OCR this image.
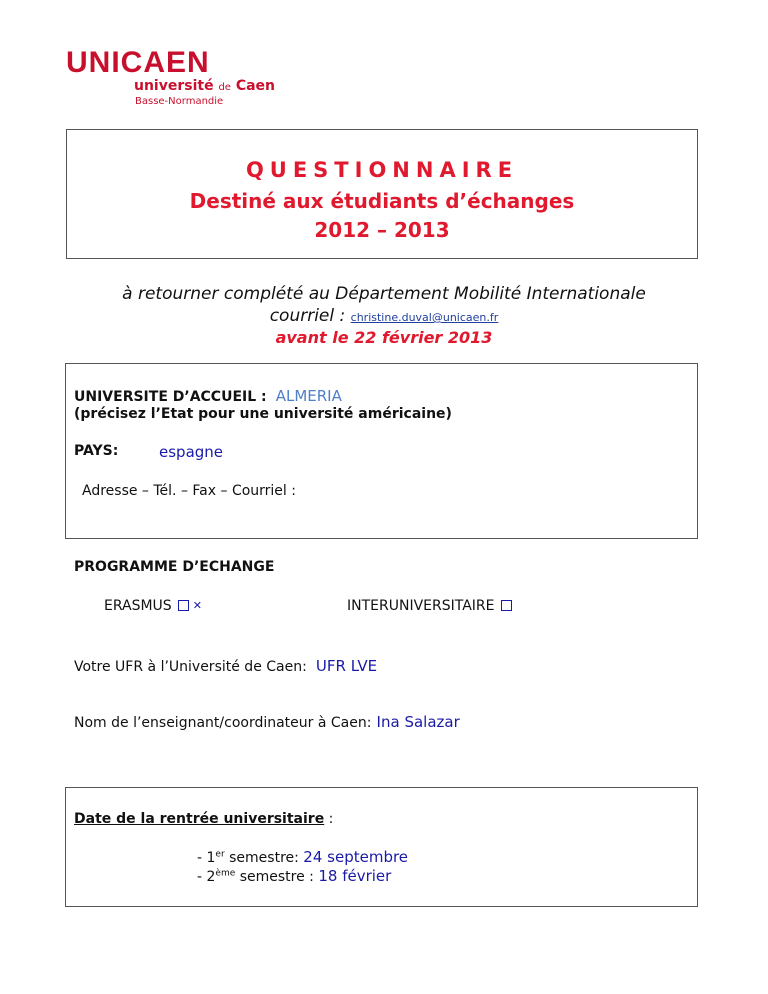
UNICAEN
université de Caen
Basse-Normandie
QUESTIONNAIRE
Destiné aux étudiants d’échanges
2012 – 2013
à retourner complété au Département Mobilité Internationale
courriel : christine.duval@unicaen.fr
avant le 22 février 2013
UNIVERSITE D’ACCUEIL : ALMERIA
(précisez l’Etat pour une université américaine)
PAYS:	espagne
Adresse – Tél. – Fax – Courriel :
PROGRAMME D’ECHANGE
ERASMUS ✕	INTERUNIVERSITAIRE
Votre UFR à l’Université de Caen: UFR LVE
Nom de l’enseignant/coordinateur à Caen: Ina Salazar
Date de la rentrée universitaire :
- 1er semestre: 24 septembre
- 2ème semestre : 18 février
